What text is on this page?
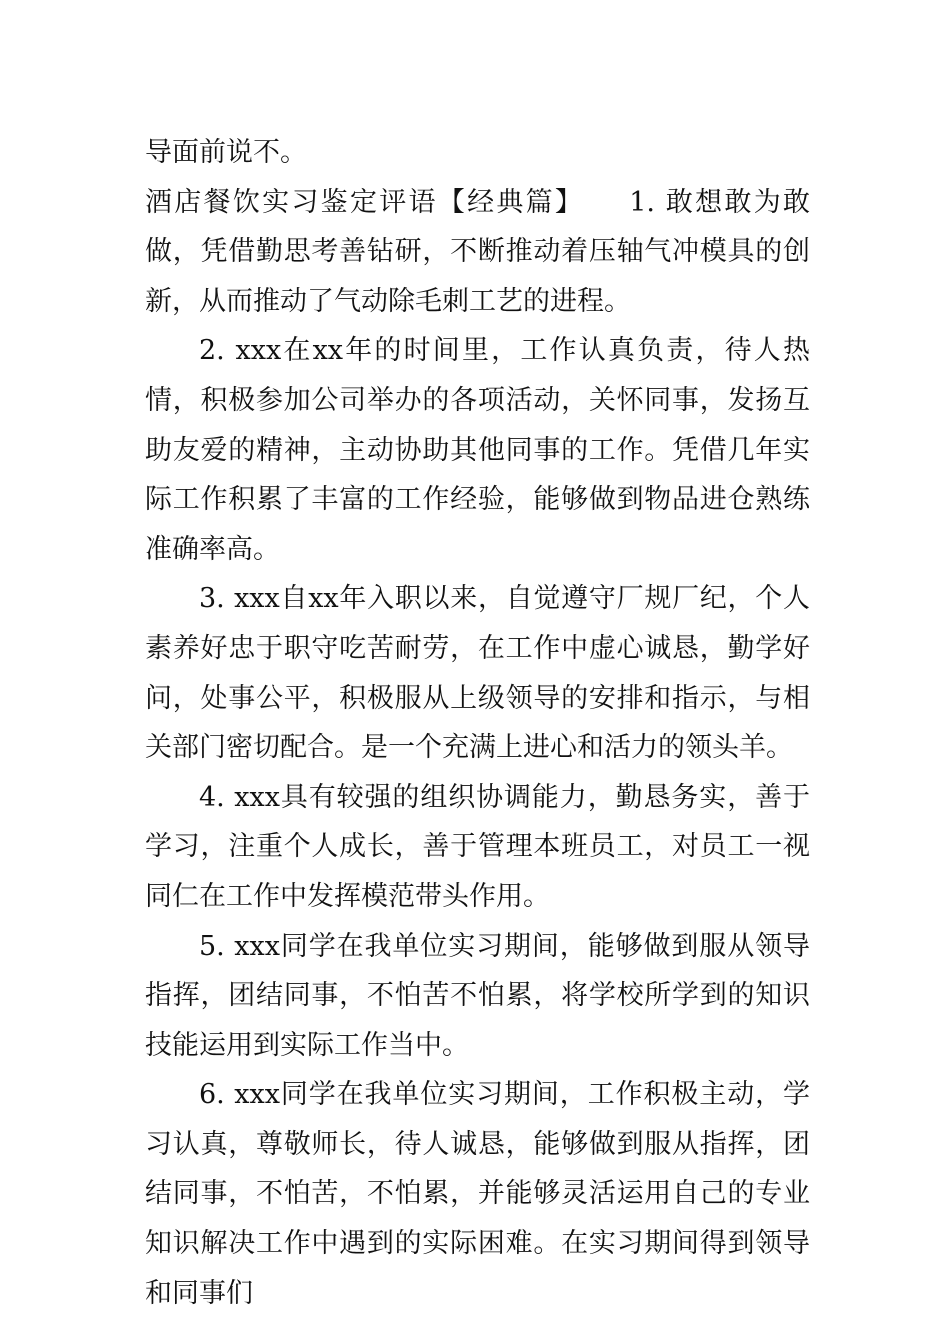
导面前说不。

酒店餐饮实习鉴定评语【经典篇】　　1. 敢想敢为敢做，凭借勤思考善钻研，不断推动着压轴气冲模具的创新，从而推动了气动除毛刺工艺的进程。

2. xxx在xx年的时间里，工作认真负责，待人热情，积极参加公司举办的各项活动，关怀同事，发扬互助友爱的精神，主动协助其他同事的工作。凭借几年实际工作积累了丰富的工作经验，能够做到物品进仓熟练准确率高。

3. xxx自xx年入职以来，自觉遵守厂规厂纪，个人素养好忠于职守吃苦耐劳，在工作中虚心诚恳，勤学好问，处事公平，积极服从上级领导的安排和指示，与相关部门密切配合。是一个充满上进心和活力的领头羊。

4. xxx具有较强的组织协调能力，勤恳务实，善于学习，注重个人成长，善于管理本班员工，对员工一视同仁在工作中发挥模范带头作用。

5. xxx同学在我单位实习期间，能够做到服从领导指挥，团结同事，不怕苦不怕累，将学校所学到的知识技能运用到实际工作当中。

6. xxx同学在我单位实习期间，工作积极主动，学习认真，尊敬师长，待人诚恳，能够做到服从指挥，团结同事，不怕苦，不怕累，并能够灵活运用自己的专业知识解决工作中遇到的实际困难。在实习期间得到领导和同事们
